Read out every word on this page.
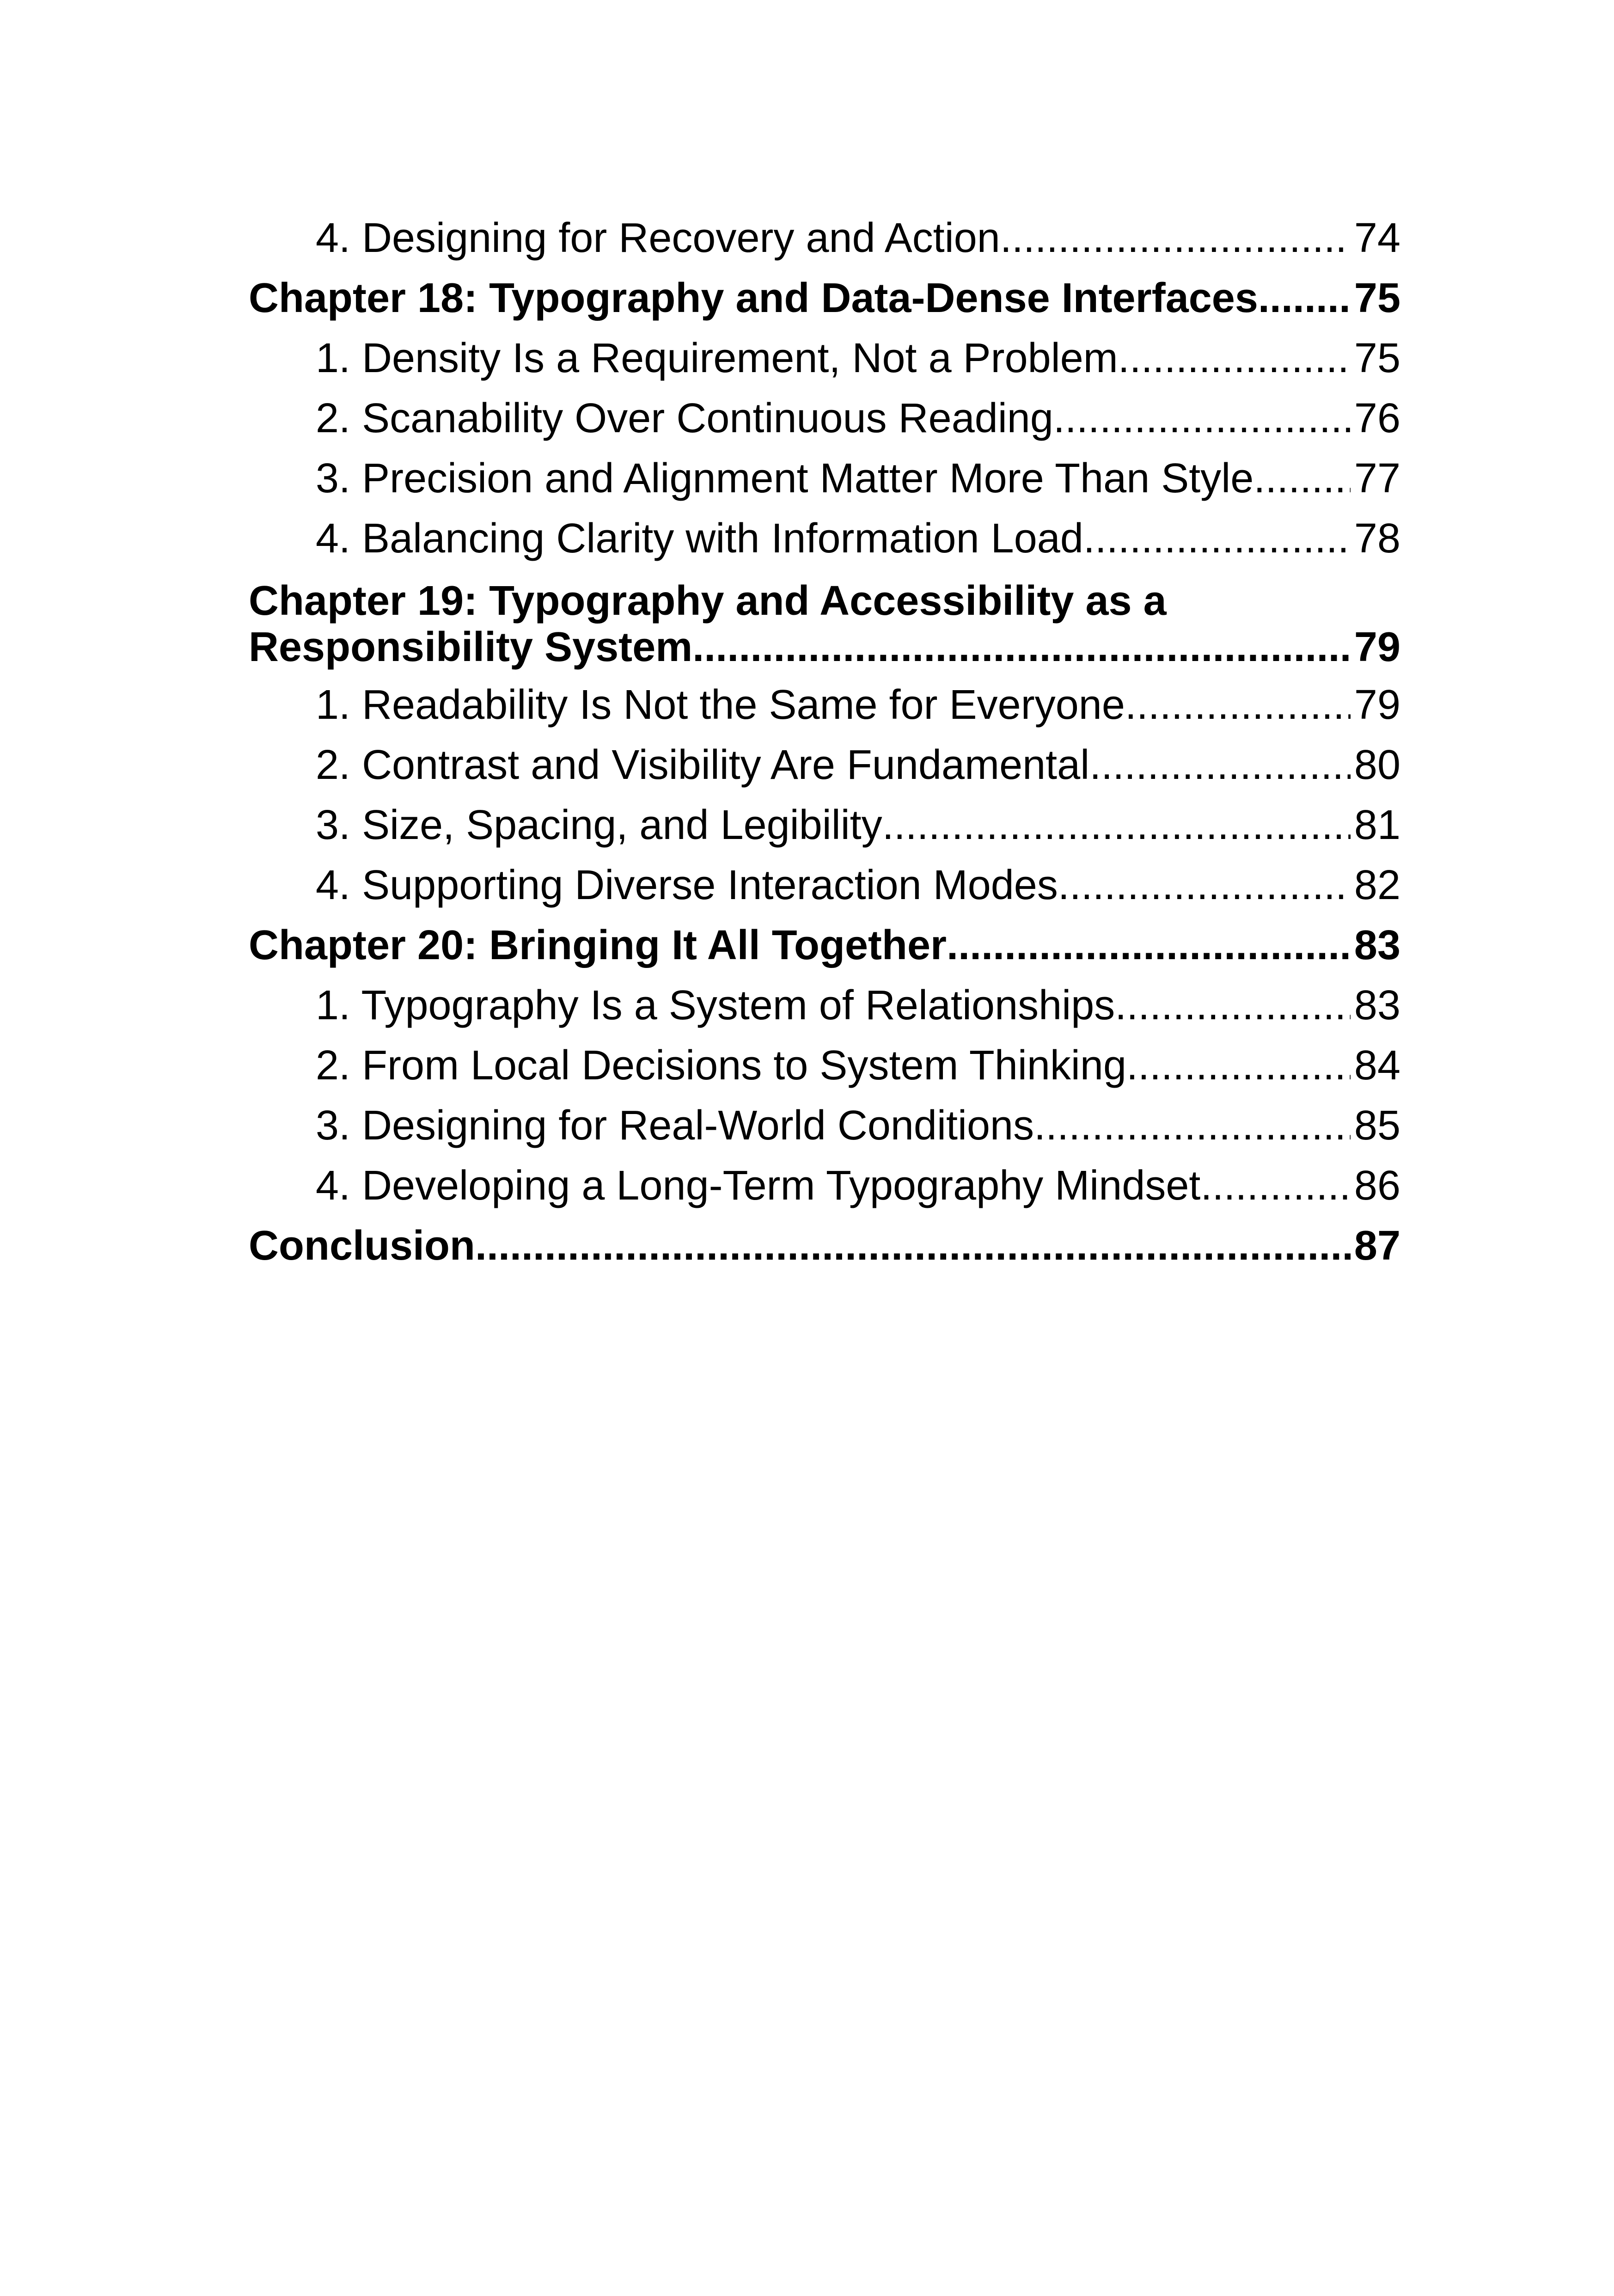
4. Designing for Recovery and Action .....	74
Chapter 18: Typography and Data-Dense Interfaces ..... 75
1. Density Is a Requirement, Not a Problem .....	75
2. Scanability Over Continuous Reading .....	76
3. Precision and Alignment Matter More Than Style ..... 77
4. Balancing Clarity with Information Load .....	78
Chapter 19: Typography and Accessibility as a
Responsibility System .....	79
1. Readability Is Not the Same for Everyone .....	79
2. Contrast and Visibility Are Fundamental .....	80
3. Size, Spacing, and Legibility .....	81
4. Supporting Diverse Interaction Modes .....	82
Chapter 20: Bringing It All Together .....	83
1. Typography Is a System of Relationships .....	83
2. From Local Decisions to System Thinking .....	84
3. Designing for Real-World Conditions .....	85
4. Developing a Long-Term Typography Mindset .....	86
Conclusion .....	87
